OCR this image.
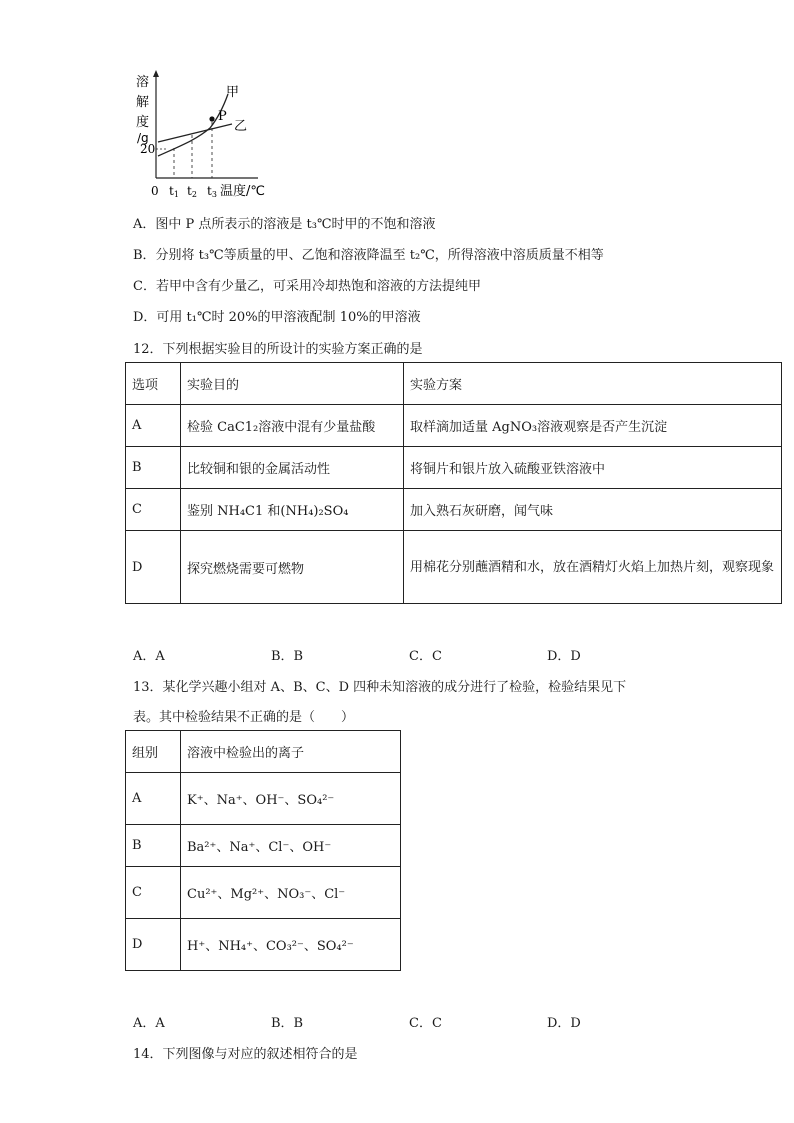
溶
解
度
/g
20
甲
乙
P
0 t1 t2 t3 温度/℃
A．图中 P 点所表示的溶液是 t₃℃时甲的不饱和溶液
B．分别将 t₃℃等质量的甲、乙饱和溶液降温至 t₂℃，所得溶液中溶质质量不相等
C．若甲中含有少量乙，可采用冷却热饱和溶液的方法提纯甲
D．可用 t₁℃时 20%的甲溶液配制 10%的甲溶液
12．下列根据实验目的所设计的实验方案正确的是
选项	实验目的	实验方案
A	检验 CaC1₂溶液中混有少量盐酸	取样滴加适量 AgNO₃溶液观察是否产生沉淀
B	比较铜和银的金属活动性	将铜片和银片放入硫酸亚铁溶液中
C	鉴别 NH₄C1 和(NH₄)₂SO₄	加入熟石灰研磨，闻气味
D	探究燃烧需要可燃物	用棉花分别蘸酒精和水，放在酒精灯火焰上加热片刻，观察现象
A．A	B．B	C．C	D．D
13．某化学兴趣小组对 A、B、C、D 四种未知溶液的成分进行了检验，检验结果见下
表。其中检验结果不正确的是（　　）
组别	溶液中检验出的离子
A	K⁺、Na⁺、OH⁻、SO₄²⁻
B	Ba²⁺、Na⁺、Cl⁻、OH⁻
C	Cu²⁺、Mg²⁺、NO₃⁻、Cl⁻
D	H⁺、NH₄⁺、CO₃²⁻、SO₄²⁻
A．A	B．B	C．C	D．D
14．下列图像与对应的叙述相符合的是
